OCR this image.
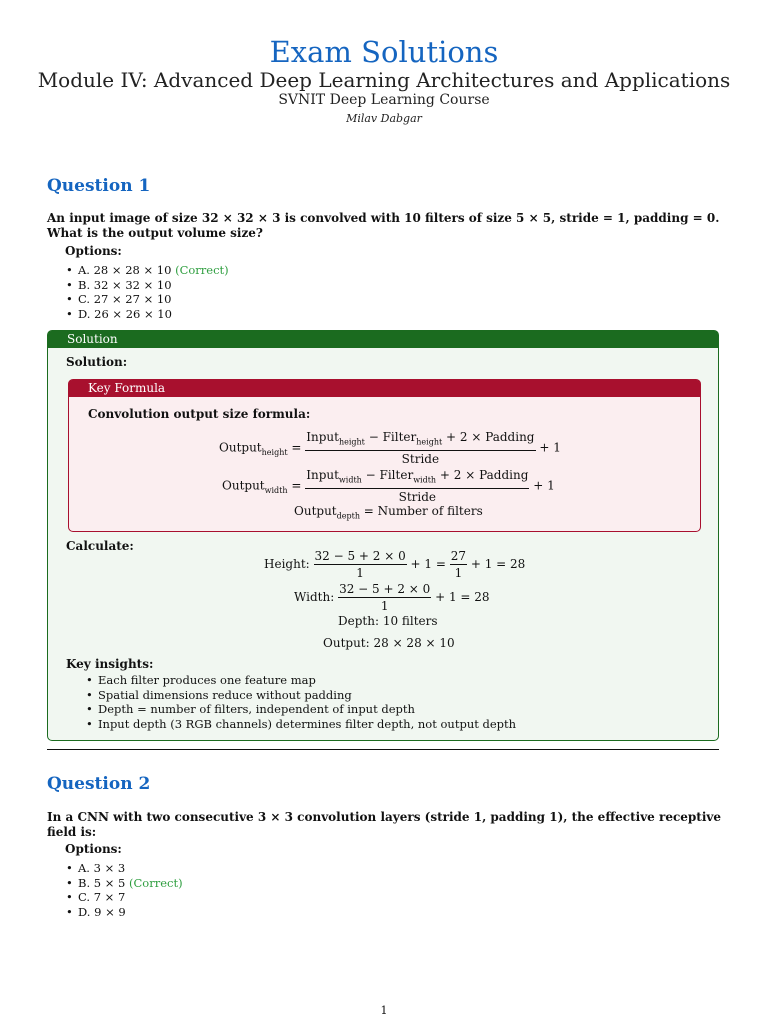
Exam Solutions
Module IV: Advanced Deep Learning Architectures and Applications
SVNIT Deep Learning Course
Milav Dabgar
Question 1
An input image of size 32 × 32 × 3 is convolved with 10 filters of size 5 × 5, stride = 1, padding = 0. What is the output volume size?
Options:
• A. 28 × 28 × 10 (Correct)
• B. 32 × 32 × 10
• C. 27 × 27 × 10
• D. 26 × 26 × 10
Solution
Solution:
Key Formula
Convolution output size formula:
Output$_{height}$ = $\frac{Input_{height} - Filter_{height} + 2 \times Padding}{\text{Stride}} + 1$
Output$_{width}$ = $\frac{Input_{width} - Filter_{width} + 2 \times Padding}{\text{Stride}} + 1$
Output$_{depth}$ = Number of filters
Calculate:
Height: $\frac{32 - 5 + 2 \times 0}{1} + 1 = \frac{27}{1} + 1 = 28$
Width: $\frac{32 - 5 + 2 \times 0}{1} + 1 = 28$
Depth: 10 filters
Output: 28 × 28 × 10
Key insights:
• Each filter produces one feature map
• Spatial dimensions reduce without padding
• Depth = number of filters, independent of input depth
• Input depth (3 RGB channels) determines filter depth, not output depth
Question 2
In a CNN with two consecutive 3 × 3 convolution layers (stride 1, padding 1), the effective receptive field is:
Options:
• A. 3 × 3
• B. 5 × 5 (Correct)
• C. 7 × 7
• D. 9 × 9
1
